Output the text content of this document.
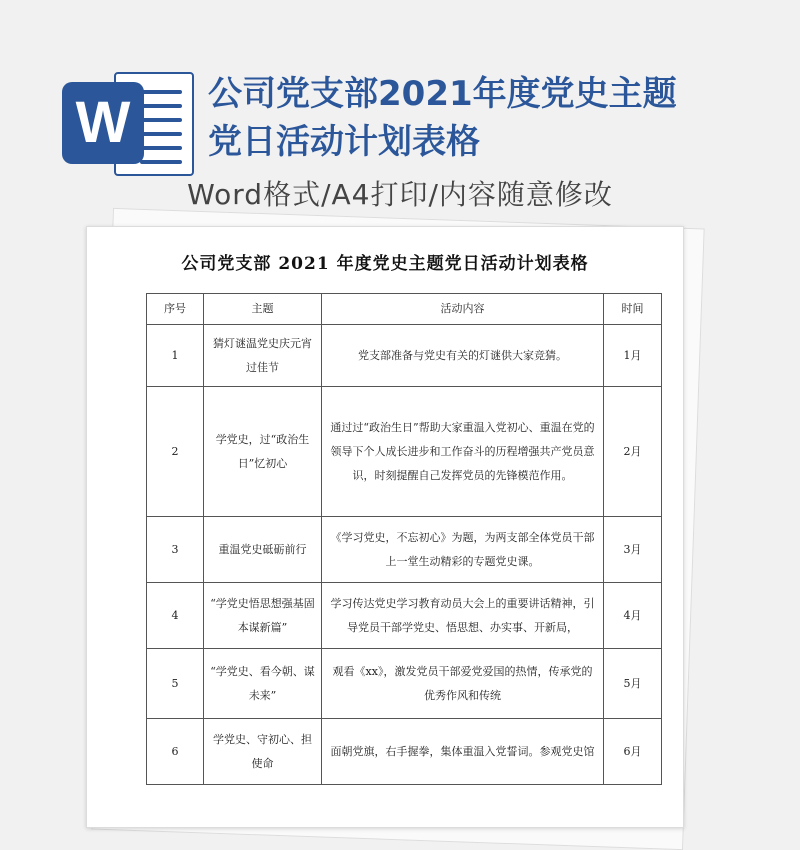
W	公司党支部2021年度党史主题
党日活动计划表格
Word格式/A4打印/内容随意修改
公司党支部 2021 年度党史主题党日活动计划表格
序号	主题	活动内容	时间
1	猜灯谜温党史庆元宵过佳节	党支部准备与党史有关的灯谜供大家竞猜。	1月
2	学党史，过“政治生日”忆初心	通过过“政治生日”帮助大家重温入党初心、重温在党的领导下个人成长进步和工作奋斗的历程增强共产党员意识，时刻提醒自己发挥党员的先锋模范作用。	2月
3	重温党史砥砺前行	《学习党史，不忘初心》为题，为两支部全体党员干部上一堂生动精彩的专题党史课。	3月
4	“学党史悟思想强基固本谋新篇”	学习传达党史学习教育动员大会上的重要讲话精神，引导党员干部学党史、悟思想、办实事、开新局，	4月
5	“学党史、看今朝、谋未来”	观看《xx》，激发党员干部爱党爱国的热情，传承党的优秀作风和传统	5月
6	学党史、守初心、担使命	面朝党旗，右手握拳，集体重温入党誓词。参观党史馆	6月
